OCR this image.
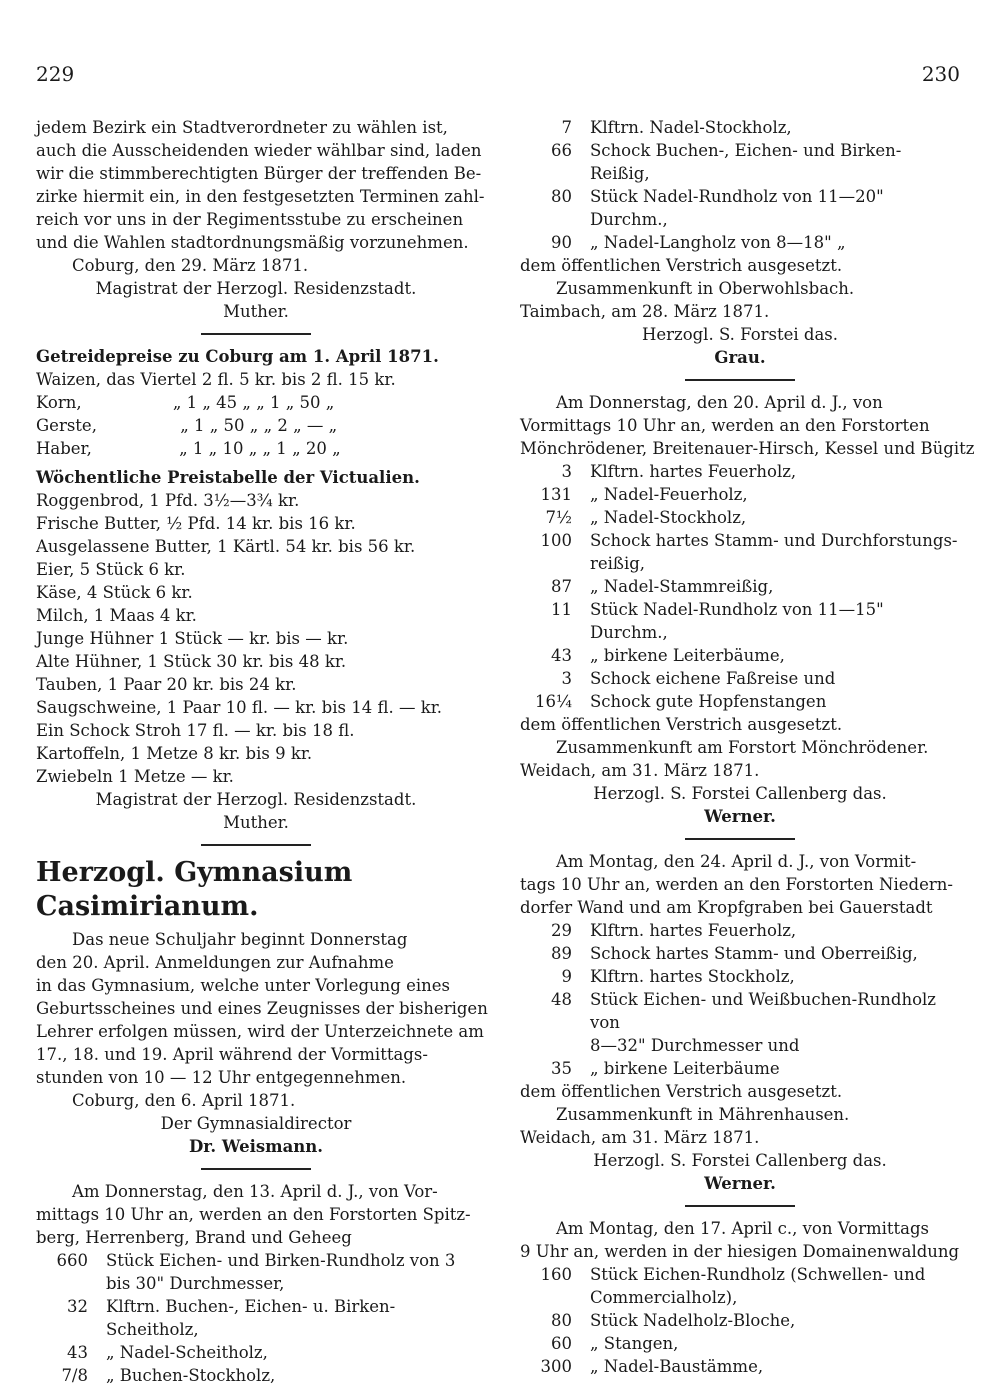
229	230

jedem Bezirk ein Stadtverordneter zu wählen ist,

auch die Ausscheidenden wieder wählbar sind, laden

wir die stimmberechtigten Bürger der treffenden Be-

zirke hiermit ein, in den festgesetzten Terminen zahl-

reich vor uns in der Regimentsstube zu erscheinen

und die Wahlen stadtordnungsmäßig vorzunehmen.

Coburg, den 29. März 1871.

Magistrat der Herzogl. Residenzstadt.

Muther.

Getreidepreise zu Coburg am 1. April 1871.

Waizen, das Viertel 2 fl. 5 kr. bis 2 fl. 15 kr.

Korn,	„ 1 „ 45 „ „ 1 „ 50 „

Gerste,	„ 1 „ 50 „ „ 2 „ — „

Haber,	„ 1 „ 10 „ „ 1 „ 20 „

Wöchentliche Preistabelle der Victualien.

Roggenbrod, 1 Pfd. 3½—3¾ kr.

Frische Butter, ½ Pfd. 14 kr. bis 16 kr.

Ausgelassene Butter, 1 Kärtl. 54 kr. bis 56 kr.

Eier, 5 Stück 6 kr.

Käse, 4 Stück 6 kr.

Milch, 1 Maas 4 kr.

Junge Hühner 1 Stück — kr. bis — kr.

Alte Hühner, 1 Stück 30 kr. bis 48 kr.

Tauben, 1 Paar 20 kr. bis 24 kr.

Saugschweine, 1 Paar 10 fl. — kr. bis 14 fl. — kr.

Ein Schock Stroh 17 fl. — kr. bis 18 fl.

Kartoffeln, 1 Metze 8 kr. bis 9 kr.

Zwiebeln 1 Metze — kr.

Magistrat der Herzogl. Residenzstadt.

Muther.

Herzogl. Gymnasium Casimirianum.

Das neue Schuljahr beginnt Donnerstag

den 20. April. Anmeldungen zur Aufnahme

in das Gymnasium, welche unter Vorlegung eines

Geburtsscheines und eines Zeugnisses der bisherigen

Lehrer erfolgen müssen, wird der Unterzeichnete am

17., 18. und 19. April während der Vormittags-

stunden von 10 — 12 Uhr entgegennehmen.

Coburg, den 6. April 1871.

Der Gymnasialdirector

Dr. Weismann.

Am Donnerstag, den 13. April d. J., von Vor-

mittags 10 Uhr an, werden an den Forstorten Spitz-

berg, Herrenberg, Brand und Geheeg

660	Stück Eichen- und Birken-Rundholz von 3
bis 30" Durchmesser,
32	Klftrn. Buchen-, Eichen- u. Birken-Scheitholz,
43	„ Nadel-Scheitholz,
7/8	„ Buchen-Stockholz,
7	Klftrn. Nadel-Stockholz,
66	Schock Buchen-, Eichen- und Birken-Reißig,
80	Stück Nadel-Rundholz von 11—20" Durchm.,
90	„ Nadel-Langholz von 8—18" „

dem öffentlichen Verstrich ausgesetzt.

Zusammenkunft in Oberwohlsbach.

Taimbach, am 28. März 1871.

Herzogl. S. Forstei das.

Grau.

Am Donnerstag, den 20. April d. J., von

Vormittags 10 Uhr an, werden an den Forstorten

Mönchrödener, Breitenauer-Hirsch, Kessel und Bügitz

3	Klftrn. hartes Feuerholz,
131	„ Nadel-Feuerholz,
7½	„ Nadel-Stockholz,
100	Schock hartes Stamm- und Durchforstungs-
reißig,
87	„ Nadel-Stammreißig,
11	Stück Nadel-Rundholz von 11—15" Durchm.,
43	„ birkene Leiterbäume,
3	Schock eichene Faßreise und
16¼	Schock gute Hopfenstangen

dem öffentlichen Verstrich ausgesetzt.

Zusammenkunft am Forstort Mönchrödener.

Weidach, am 31. März 1871.

Herzogl. S. Forstei Callenberg das.

Werner.

Am Montag, den 24. April d. J., von Vormit-

tags 10 Uhr an, werden an den Forstorten Niedern-

dorfer Wand und am Kropfgraben bei Gauerstadt

29	Klftrn. hartes Feuerholz,
89	Schock hartes Stamm- und Oberreißig,
9	Klftrn. hartes Stockholz,
48	Stück Eichen- und Weißbuchen-Rundholz von
8—32" Durchmesser und
35	„ birkene Leiterbäume

dem öffentlichen Verstrich ausgesetzt.

Zusammenkunft in Mährenhausen.

Weidach, am 31. März 1871.

Herzogl. S. Forstei Callenberg das.

Werner.

Am Montag, den 17. April c., von Vormittags

9 Uhr an, werden in der hiesigen Domainenwaldung

160	Stück Eichen-Rundholz (Schwellen- und
Commercialholz),
80	Stück Nadelholz-Bloche,
60	„ Stangen,
300	„ Nadel-Baustämme,
